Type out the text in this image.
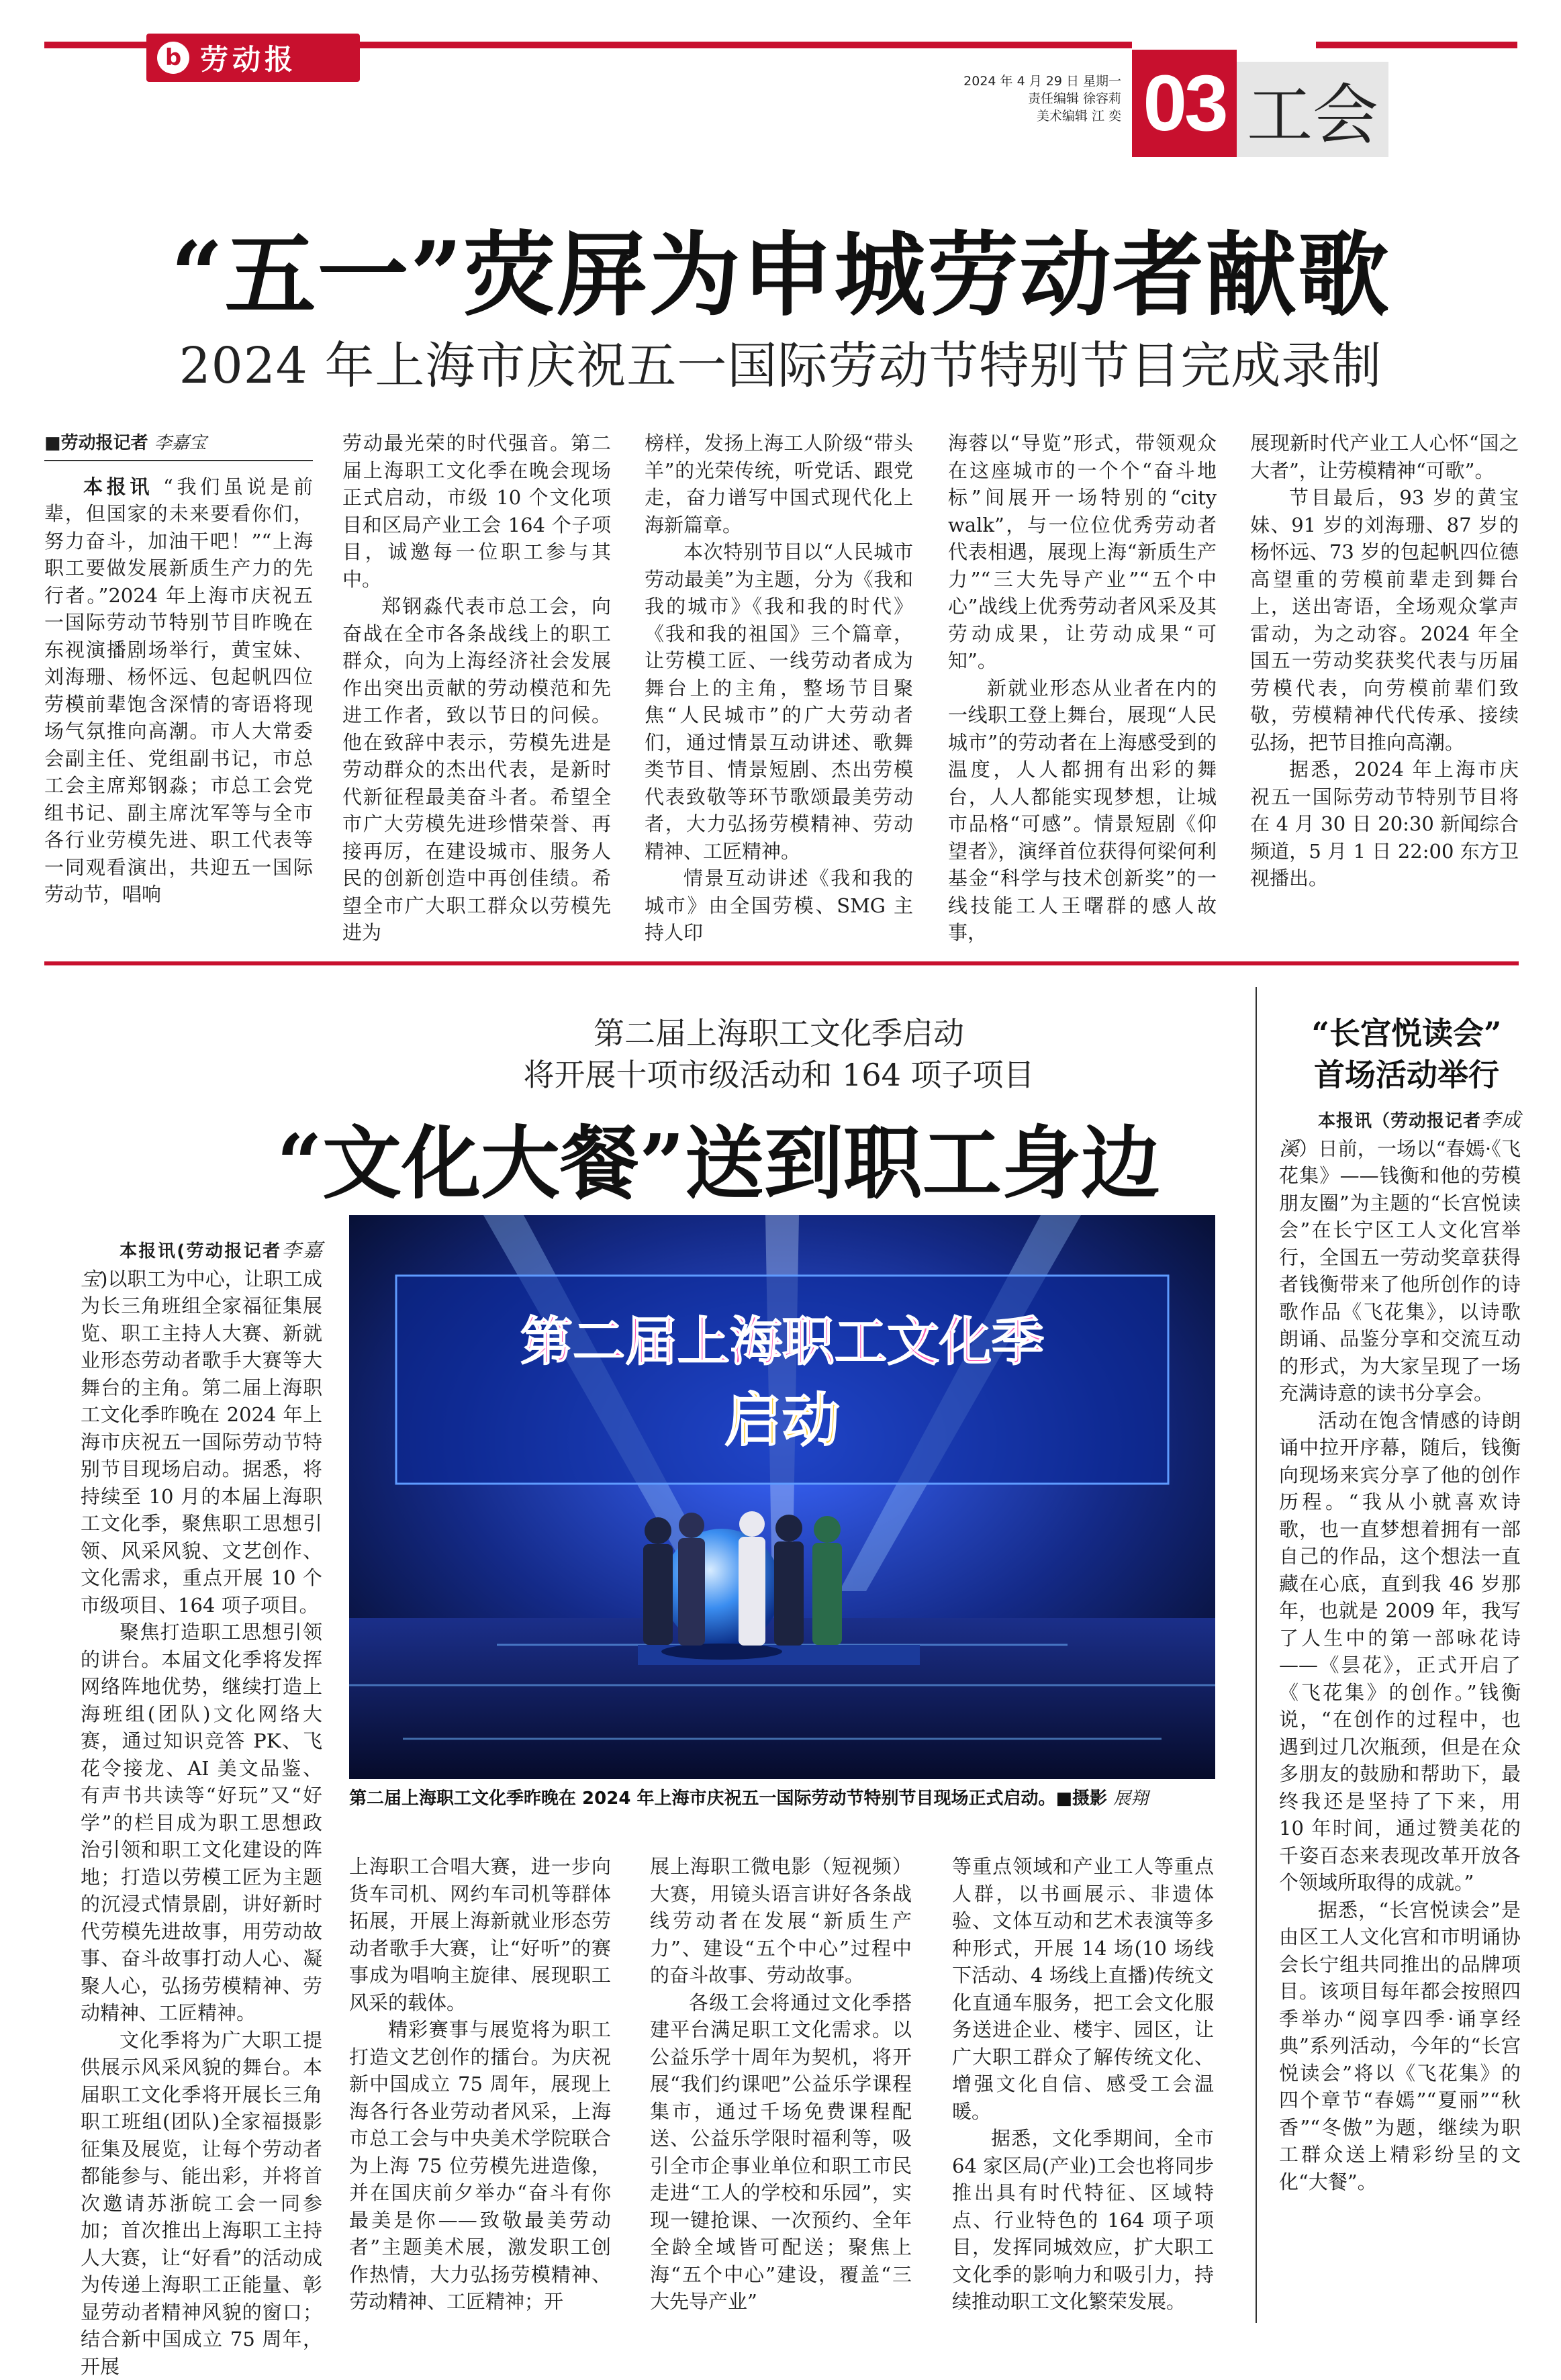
b 劳动报
2024 年 4 月 29 日 星期一
责任编辑 徐容莉
美术编辑 江 奕 03 工会
“五一”荧屏为申城劳动者献歌
2024 年上海市庆祝五一国际劳动节特别节目完成录制

■劳动报记者 李嘉宝

本报讯 “我们虽说是前辈，但国家的未来要看你们，努力奋斗，加油干吧！”“上海职工要做发展新质生产力的先行者。”2024 年上海市庆祝五一国际劳动节特别节目昨晚在东视演播剧场举行，黄宝妹、刘海珊、杨怀远、包起帆四位劳模前辈饱含深情的寄语将现场气氛推向高潮。市人大常委会副主任、党组副书记，市总工会主席郑钢淼；市总工会党组书记、副主席沈军等与全市各行业劳模先进、职工代表等一同观看演出，共迎五一国际劳动节，唱响

劳动最光荣的时代强音。第二届上海职工文化季在晚会现场正式启动，市级 10 个文化项目和区局产业工会 164 个子项目，诚邀每一位职工参与其中。

郑钢淼代表市总工会，向奋战在全市各条战线上的职工群众，向为上海经济社会发展作出突出贡献的劳动模范和先进工作者，致以节日的问候。他在致辞中表示，劳模先进是劳动群众的杰出代表，是新时代新征程最美奋斗者。希望全市广大劳模先进珍惜荣誉、再接再厉，在建设城市、服务人民的创新创造中再创佳绩。希望全市广大职工群众以劳模先进为

榜样，发扬上海工人阶级“带头羊”的光荣传统，听党话、跟党走，奋力谱写中国式现代化上海新篇章。

本次特别节目以“人民城市劳动最美”为主题，分为《我和我的城市》《我和我的时代》《我和我的祖国》三个篇章，让劳模工匠、一线劳动者成为舞台上的主角，整场节目聚焦“人民城市”的广大劳动者们，通过情景互动讲述、歌舞类节目、情景短剧、杰出劳模代表致敬等环节歌颂最美劳动者，大力弘扬劳模精神、劳动精神、工匠精神。

情景互动讲述《我和我的城市》由全国劳模、SMG 主持人印

海蓉以“导览”形式，带领观众在这座城市的一个个“奋斗地标”间展开一场特别的“city walk”，与一位位优秀劳动者代表相遇，展现上海“新质生产力”“三大先导产业”“五个中心”战线上优秀劳动者风采及其劳动成果，让劳动成果“可知”。

新就业形态从业者在内的一线职工登上舞台，展现“人民城市”的劳动者在上海感受到的温度，人人都拥有出彩的舞台，人人都能实现梦想，让城市品格“可感”。情景短剧《仰望者》，演绎首位获得何梁何利基金“科学与技术创新奖”的一线技能工人王曙群的感人故事，

展现新时代产业工人心怀“国之大者”，让劳模精神“可歌”。

节目最后，93 岁的黄宝妹、91 岁的刘海珊、87 岁的杨怀远、73 岁的包起帆四位德高望重的劳模前辈走到舞台上，送出寄语，全场观众掌声雷动，为之动容。2024 年全国五一劳动奖获奖代表与历届劳模代表，向劳模前辈们致敬，劳模精神代代传承、接续弘扬，把节目推向高潮。

据悉，2024 年上海市庆祝五一国际劳动节特别节目将在 4 月 30 日 20:30 新闻综合频道，5 月 1 日 22:00 东方卫视播出。

第二届上海职工文化季启动
将开展十项市级活动和 164 项子项目
“文化大餐”送到职工身边
“长宫悦读会”
首场活动举行

本报讯（劳动报记者李成溪）日前，一场以“春嫣·《飞花集》——钱衡和他的劳模朋友圈”为主题的“长宫悦读会”在长宁区工人文化宫举行，全国五一劳动奖章获得者钱衡带来了他所创作的诗歌作品《飞花集》，以诗歌朗诵、品鉴分享和交流互动的形式，为大家呈现了一场充满诗意的读书分享会。

活动在饱含情感的诗朗诵中拉开序幕，随后，钱衡向现场来宾分享了他的创作历程。“我从小就喜欢诗歌，也一直梦想着拥有一部自己的作品，这个想法一直藏在心底，直到我 46 岁那年，也就是 2009 年，我写了人生中的第一部咏花诗——《昙花》，正式开启了《飞花集》的创作。”钱衡说，“在创作的过程中，也遇到过几次瓶颈，但是在众多朋友的鼓励和帮助下，最终我还是坚持了下来，用 10 年时间，通过赞美花的千姿百态来表现改革开放各个领域所取得的成就。”

据悉，“长宫悦读会”是由区工人文化宫和市明诵协会长宁组共同推出的品牌项目。该项目每年都会按照四季举办“阅享四季·诵享经典”系列活动，今年的“长宫悦读会”将以《飞花集》的四个章节“春嫣”“夏丽”“秋香”“冬傲”为题，继续为职工群众送上精彩纷呈的文化“大餐”。

本报讯(劳动报记者李嘉宝)以职工为中心，让职工成为长三角班组全家福征集展览、职工主持人大赛、新就业形态劳动者歌手大赛等大舞台的主角。第二届上海职工文化季昨晚在 2024 年上海市庆祝五一国际劳动节特别节目现场启动。据悉，将持续至 10 月的本届上海职工文化季，聚焦职工思想引领、风采风貌、文艺创作、文化需求，重点开展 10 个市级项目、164 项子项目。

聚焦打造职工思想引领的讲台。本届文化季将发挥网络阵地优势，继续打造上海班组(团队)文化网络大赛，通过知识竞答 PK、飞花令接龙、AI 美文品鉴、有声书共读等“好玩”又“好学”的栏目成为职工思想政治引领和职工文化建设的阵地；打造以劳模工匠为主题的沉浸式情景剧，讲好新时代劳模先进故事，用劳动故事、奋斗故事打动人心、凝聚人心，弘扬劳模精神、劳动精神、工匠精神。

文化季将为广大职工提供展示风采风貌的舞台。本届职工文化季将开展长三角职工班组(团队)全家福摄影征集及展览，让每个劳动者都能参与、能出彩，并将首次邀请苏浙皖工会一同参加；首次推出上海职工主持人大赛，让“好看”的活动成为传递上海职工正能量、彰显劳动者精神风貌的窗口；结合新中国成立 75 周年，开展

第二届上海职工文化季
启动
第二届上海职工文化季昨晚在 2024 年上海市庆祝五一国际劳动节特别节目现场正式启动。■摄影 展翔

上海职工合唱大赛，进一步向货车司机、网约车司机等群体拓展，开展上海新就业形态劳动者歌手大赛，让“好听”的赛事成为唱响主旋律、展现职工风采的载体。

精彩赛事与展览将为职工打造文艺创作的擂台。为庆祝新中国成立 75 周年，展现上海各行各业劳动者风采，上海市总工会与中央美术学院联合为上海 75 位劳模先进造像，并在国庆前夕举办“奋斗有你 最美是你——致敬最美劳动者”主题美术展，激发职工创作热情，大力弘扬劳模精神、劳动精神、工匠精神；开

展上海职工微电影（短视频）大赛，用镜头语言讲好各条战线劳动者在发展“新质生产力”、建设“五个中心”过程中的奋斗故事、劳动故事。

各级工会将通过文化季搭建平台满足职工文化需求。以公益乐学十周年为契机，将开展“我们约课吧”公益乐学课程集市，通过千场免费课程配送、公益乐学限时福利等，吸引全市企事业单位和职工市民走进“工人的学校和乐园”，实现一键抢课、一次预约、全年全龄全域皆可配送；聚焦上海“五个中心”建设，覆盖“三大先导产业”

等重点领域和产业工人等重点人群，以书画展示、非遗体验、文体互动和艺术表演等多种形式，开展 14 场(10 场线下活动、4 场线上直播)传统文化直通车服务，把工会文化服务送进企业、楼宇、园区，让广大职工群众了解传统文化、增强文化自信、感受工会温暖。

据悉，文化季期间，全市 64 家区局(产业)工会也将同步推出具有时代特征、区域特点、行业特色的 164 项子项目，发挥同城效应，扩大职工文化季的影响力和吸引力，持续推动职工文化繁荣发展。
